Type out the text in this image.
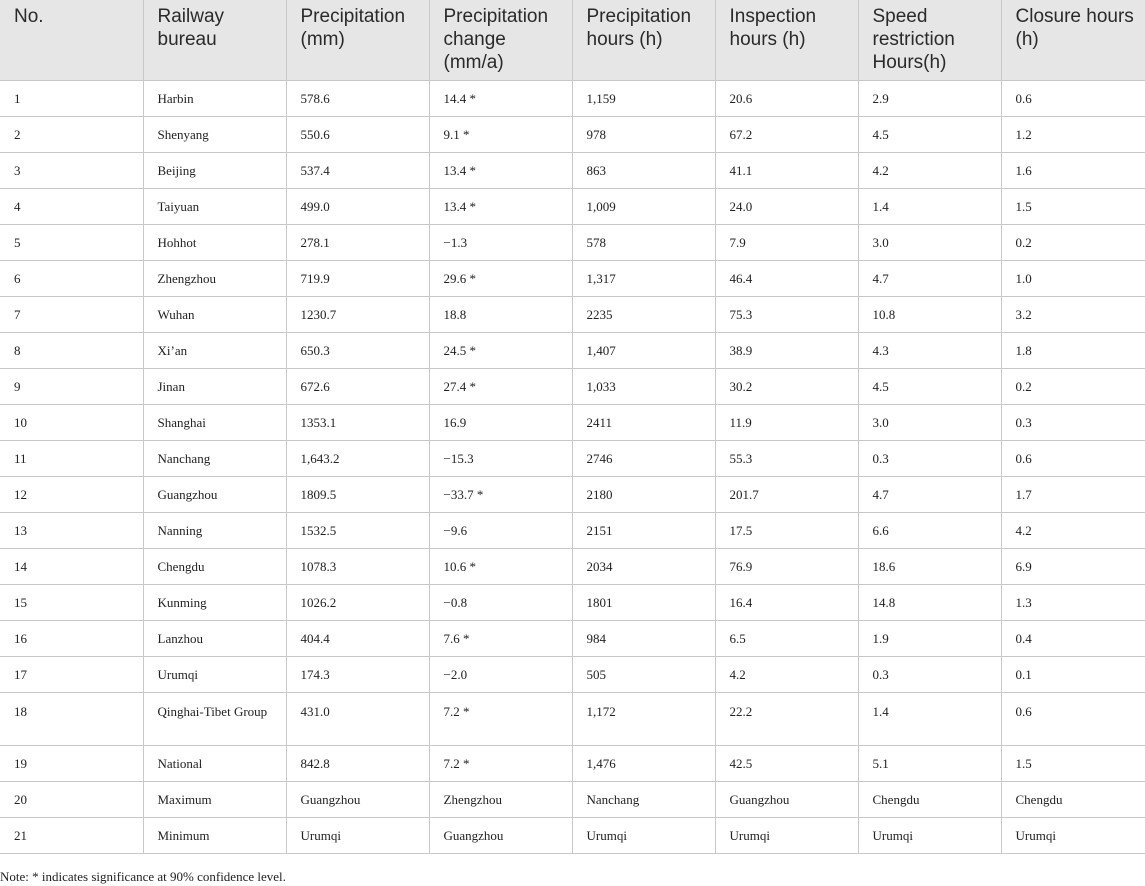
No.	Railway bureau	Precipitation (mm)	Precipitation change (mm/a)	Precipitation hours (h)	Inspection hours (h)	Speed restriction Hours(h)	Closure hours (h)
1	Harbin	578.6	14.4 *	1,159	20.6	2.9	0.6
2	Shenyang	550.6	9.1 *	978	67.2	4.5	1.2
3	Beijing	537.4	13.4 *	863	41.1	4.2	1.6
4	Taiyuan	499.0	13.4 *	1,009	24.0	1.4	1.5
5	Hohhot	278.1	−1.3	578	7.9	3.0	0.2
6	Zhengzhou	719.9	29.6 *	1,317	46.4	4.7	1.0
7	Wuhan	1230.7	18.8	2235	75.3	10.8	3.2
8	Xi’an	650.3	24.5 *	1,407	38.9	4.3	1.8
9	Jinan	672.6	27.4 *	1,033	30.2	4.5	0.2
10	Shanghai	1353.1	16.9	2411	11.9	3.0	0.3
11	Nanchang	1,643.2	−15.3	2746	55.3	0.3	0.6
12	Guangzhou	1809.5	−33.7 *	2180	201.7	4.7	1.7
13	Nanning	1532.5	−9.6	2151	17.5	6.6	4.2
14	Chengdu	1078.3	10.6 *	2034	76.9	18.6	6.9
15	Kunming	1026.2	−0.8	1801	16.4	14.8	1.3
16	Lanzhou	404.4	7.6 *	984	6.5	1.9	0.4
17	Urumqi	174.3	−2.0	505	4.2	0.3	0.1
18	Qinghai-Tibet Group	431.0	7.2 *	1,172	22.2	1.4	0.6
19	National	842.8	7.2 *	1,476	42.5	5.1	1.5
20	Maximum	Guangzhou	Zhengzhou	Nanchang	Guangzhou	Chengdu	Chengdu
21	Minimum	Urumqi	Guangzhou	Urumqi	Urumqi	Urumqi	Urumqi
Note: * indicates significance at 90% confidence level.
